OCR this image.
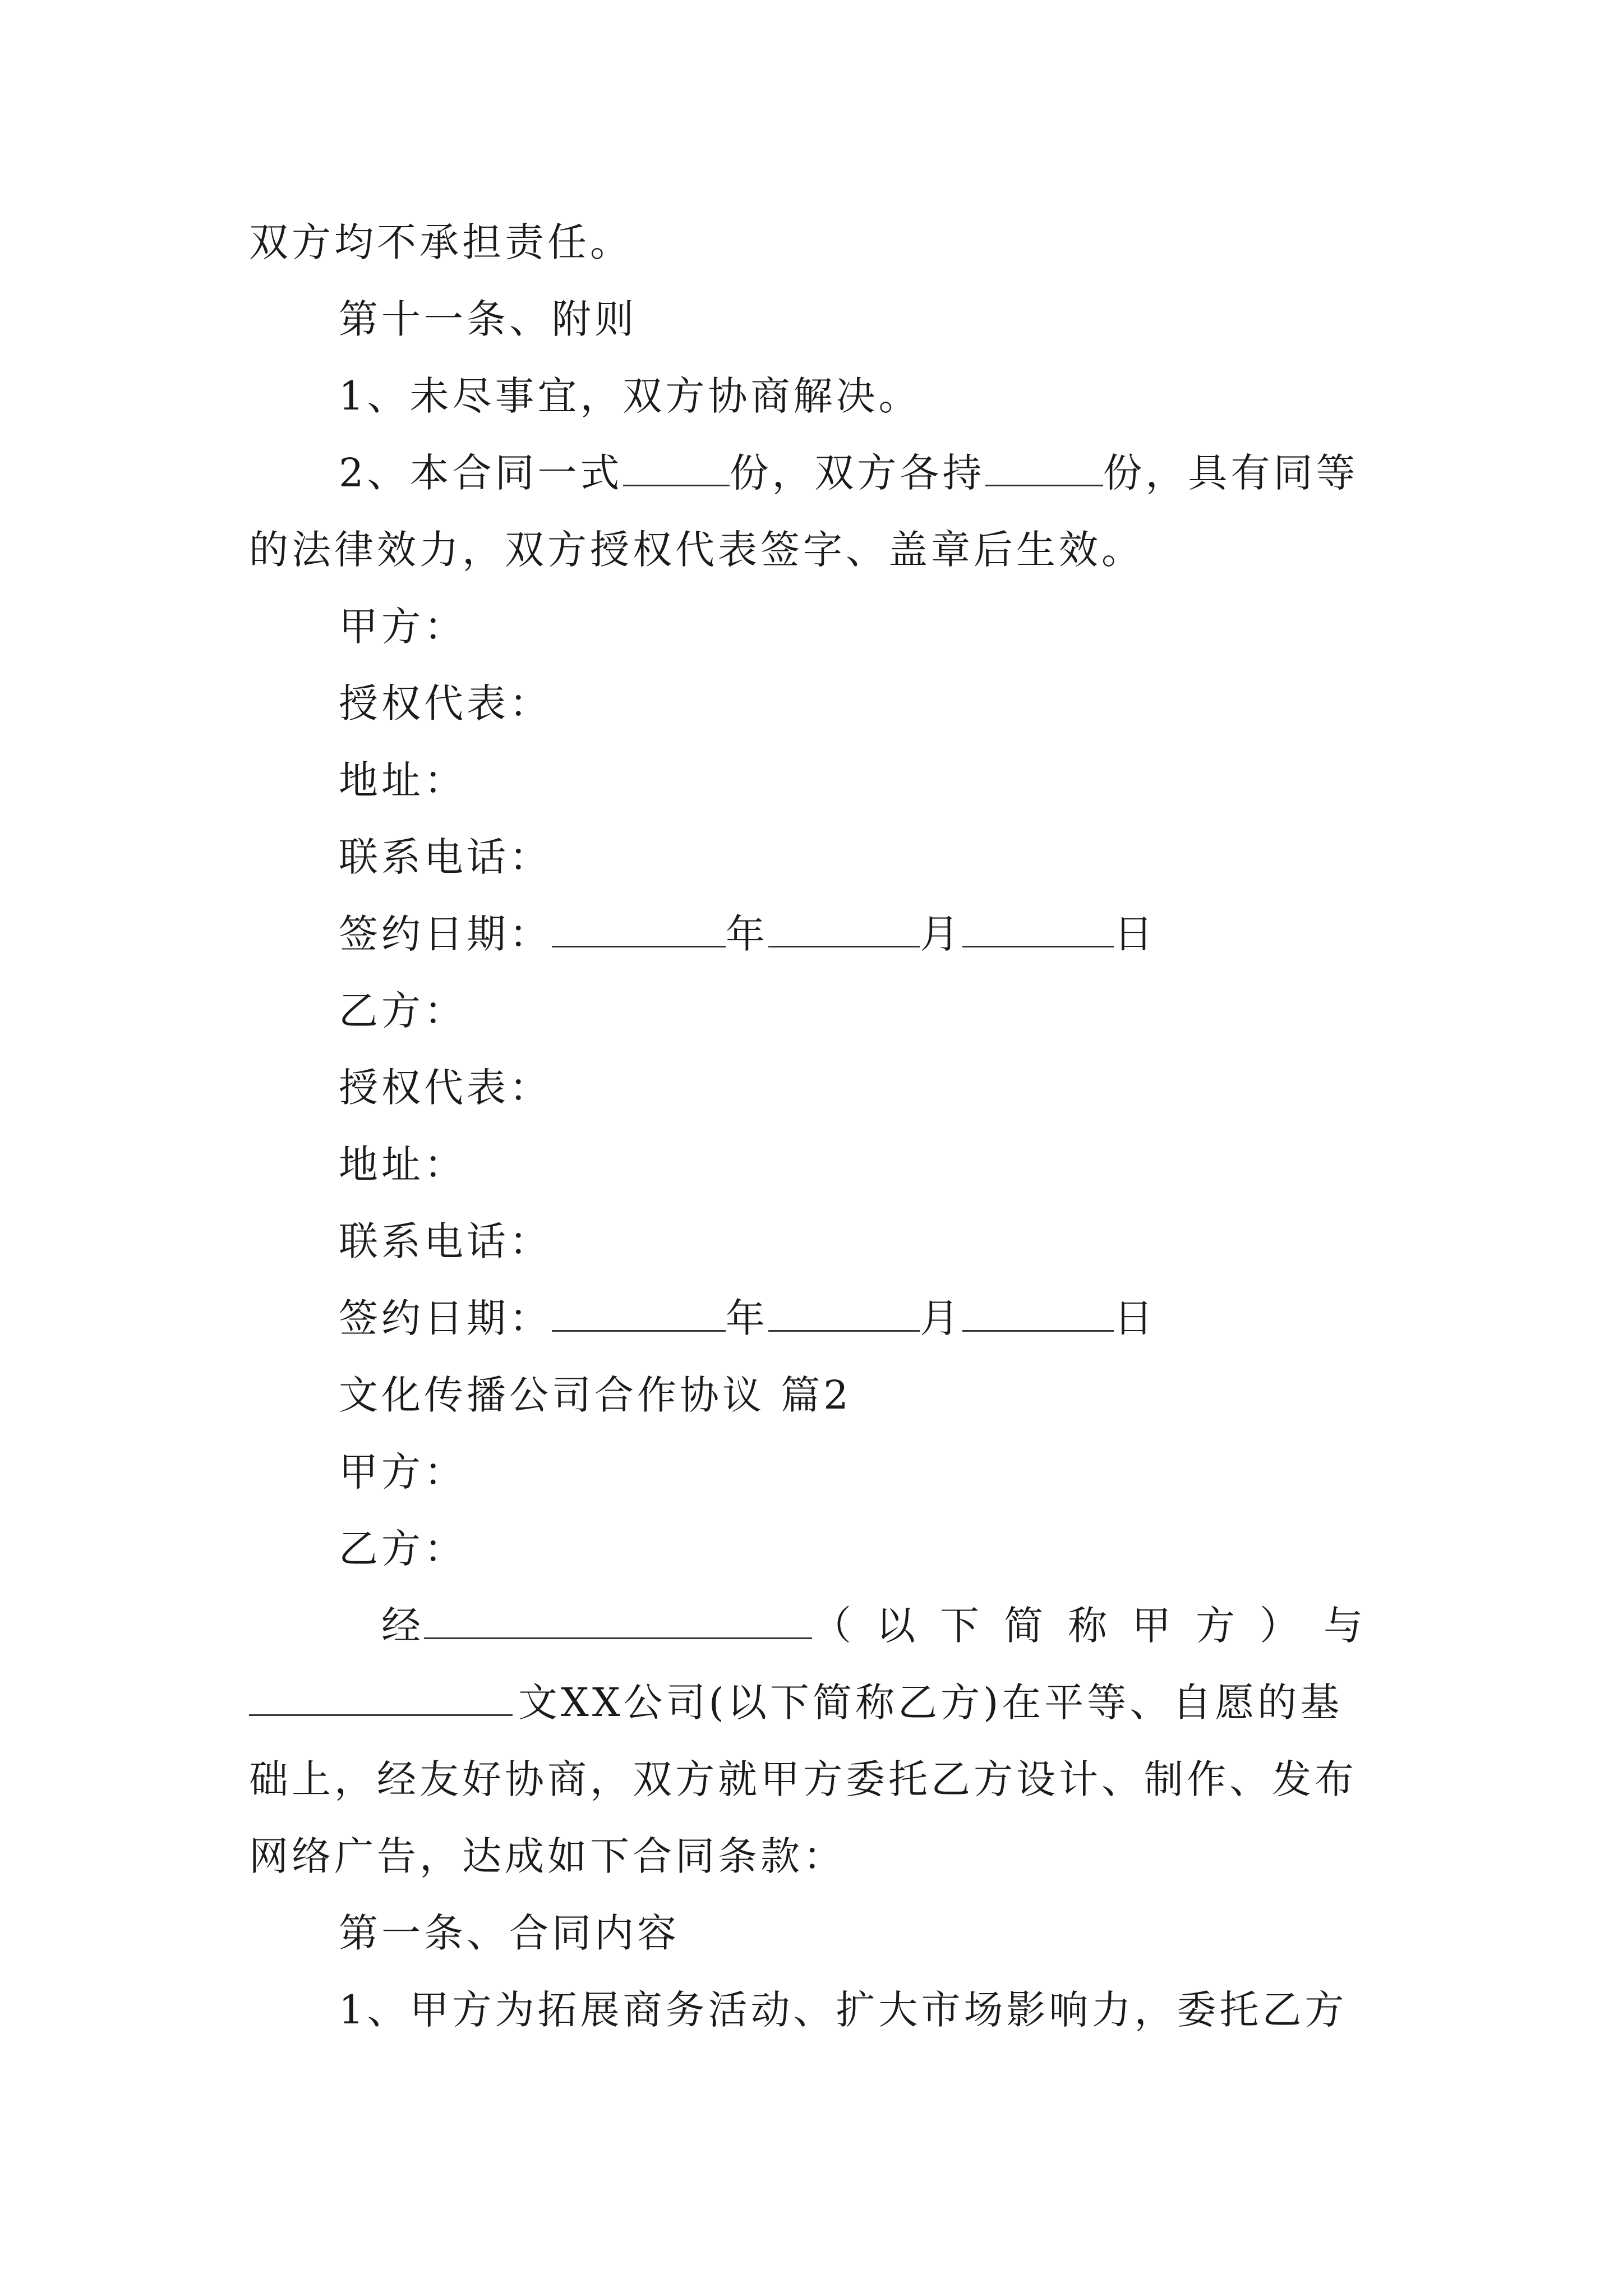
双方均不承担责任。
第十一条、附则
1、未尽事宜，双方协商解决。
2、本合同一式	份，双方各持	份，具有同等
的法律效力，双方授权代表签字、盖章后生效。
甲方：
授权代表：
地址：
联系电话：
签约日期：	年	月	日
乙方：
授权代表：
地址：
联系电话：
签约日期：	年	月	日
文化传播公司合作协议 篇2
甲方：
乙方：
经	（以下简称甲方）与
文XX公司(以下简称乙方)在平等、自愿的基
础上，经友好协商，双方就甲方委托乙方设计、制作、发布
网络广告，达成如下合同条款：
第一条、合同内容
1、甲方为拓展商务活动、扩大市场影响力，委托乙方
